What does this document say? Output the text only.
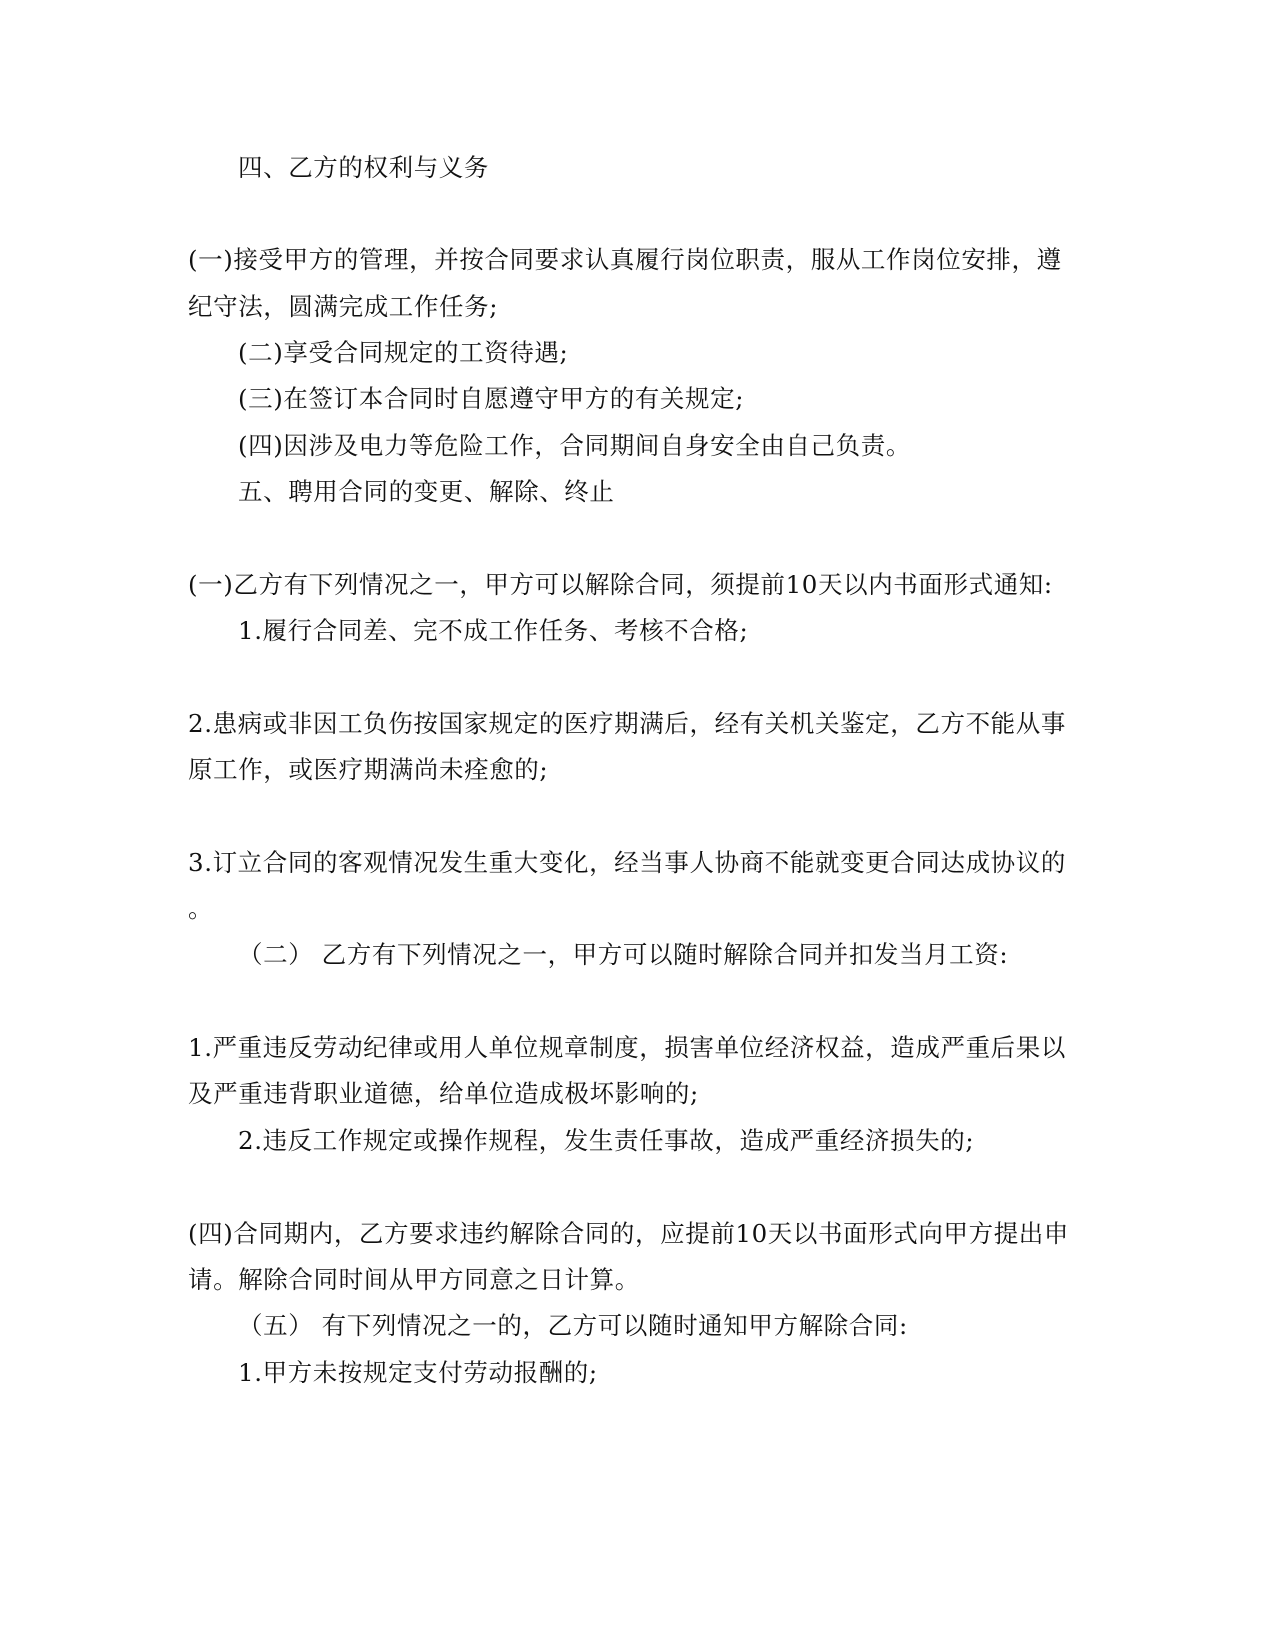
四、乙方的权利与义务
(一)接受甲方的管理，并按合同要求认真履行岗位职责，服从工作岗位安排，遵
纪守法，圆满完成工作任务;
(二)享受合同规定的工资待遇;
(三)在签订本合同时自愿遵守甲方的有关规定;
(四)因涉及电力等危险工作，合同期间自身安全由自己负责。
五、聘用合同的变更、解除、终止
(一)乙方有下列情况之一，甲方可以解除合同，须提前10天以内书面形式通知:
1.履行合同差、完不成工作任务、考核不合格;
2.患病或非因工负伤按国家规定的医疗期满后，经有关机关鉴定，乙方不能从事
原工作，或医疗期满尚未痊愈的;
3.订立合同的客观情况发生重大变化，经当事人协商不能就变更合同达成协议的
。
（二） 乙方有下列情况之一，甲方可以随时解除合同并扣发当月工资:
1.严重违反劳动纪律或用人单位规章制度，损害单位经济权益，造成严重后果以
及严重违背职业道德，给单位造成极坏影响的;
2.违反工作规定或操作规程，发生责任事故，造成严重经济损失的;
(四)合同期内，乙方要求违约解除合同的，应提前10天以书面形式向甲方提出申
请。解除合同时间从甲方同意之日计算。
（五） 有下列情况之一的，乙方可以随时通知甲方解除合同:
1.甲方未按规定支付劳动报酬的;
